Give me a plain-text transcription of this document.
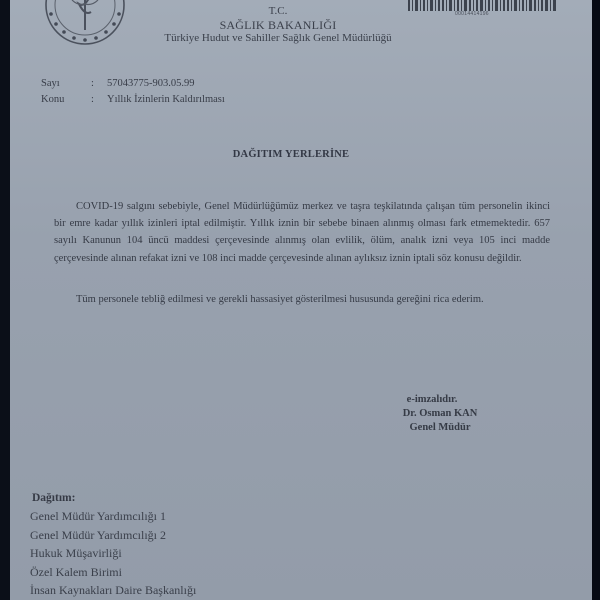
T.C.
SAĞLIK BAKANLIĞI
Türkiye Hudut ve Sahiller Sağlık Genel Müdürlüğü
00014414196
Sayı	: 57043775-903.05.99
Konu	: Yıllık İzinlerin Kaldırılması
DAĞITIM YERLERİNE
COVID-19 salgını sebebiyle, Genel Müdürlüğümüz merkez ve taşra teşkilatında çalışan tüm personelin ikinci bir emre kadar yıllık izinleri iptal edilmiştir. Yıllık iznin bir sebebe binaen alınmış olması fark etmemektedir. 657 sayılı Kanunun 104 üncü maddesi çerçevesinde alınmış olan evlilik, ölüm, analık izni veya 105 inci madde çerçevesinde alınan refakat izni ve 108 inci madde çerçevesinde alınan aylıksız iznin iptali söz konusu değildir.
Tüm personele tebliğ edilmesi ve gerekli hassasiyet gösterilmesi hususunda gereğini rica ederim.
e-imzalıdır.
Dr. Osman KAN
Genel Müdür
Dağıtım:
Genel Müdür Yardımcılığı 1
Genel Müdür Yardımcılığı 2
Hukuk Müşavirliği
Özel Kalem Birimi
İnsan Kaynakları Daire Başkanlığı
